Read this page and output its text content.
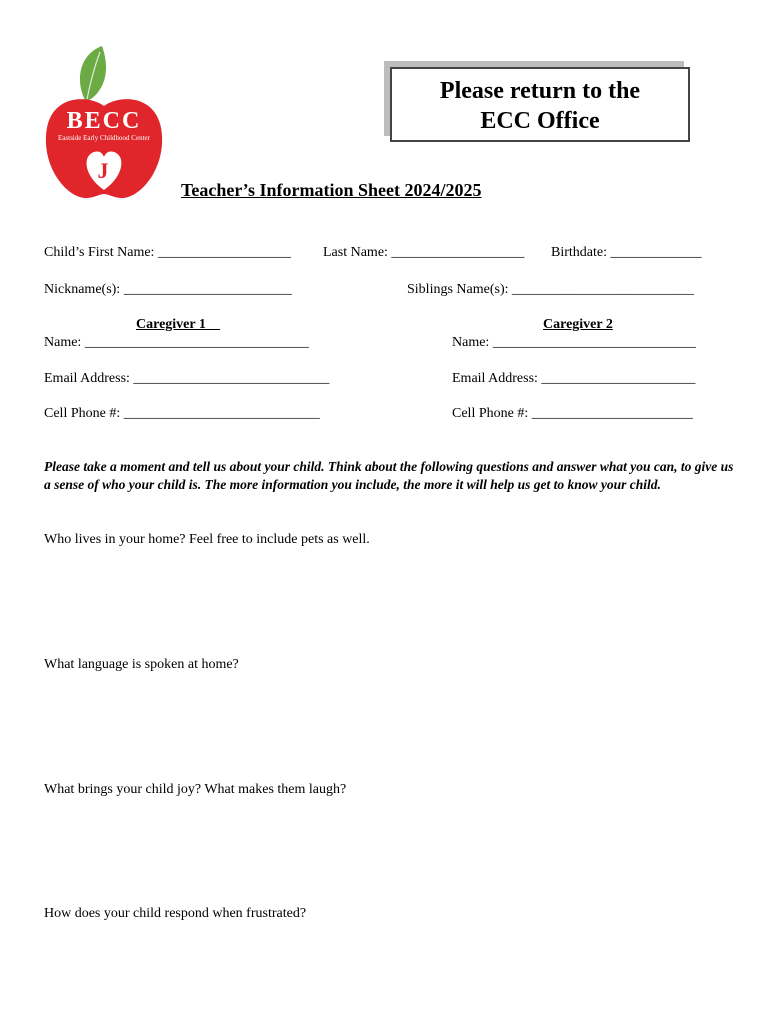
BECC
Eastside Early Childhood Center
J
Please return to the
ECC Office
Teacher’s Information Sheet 2024/2025
Child’s First Name: ___________________ Last Name: ___________________ Birthdate: _____________
Nickname(s): ________________________	Siblings Name(s): __________________________
Caregiver 1__
Name: ________________________________
Email Address: ____________________________
Cell Phone #: ____________________________
Caregiver 2
Name: _____________________________
Email Address: ______________________
Cell Phone #: _______________________
Please take a moment and tell us about your child. Think about the following questions and answer what you can, to give us a sense of who your child is. The more information you include, the more it will help us get to know your child.
Who lives in your home? Feel free to include pets as well.
What language is spoken at home?
What brings your child joy? What makes them laugh?
How does your child respond when frustrated?
